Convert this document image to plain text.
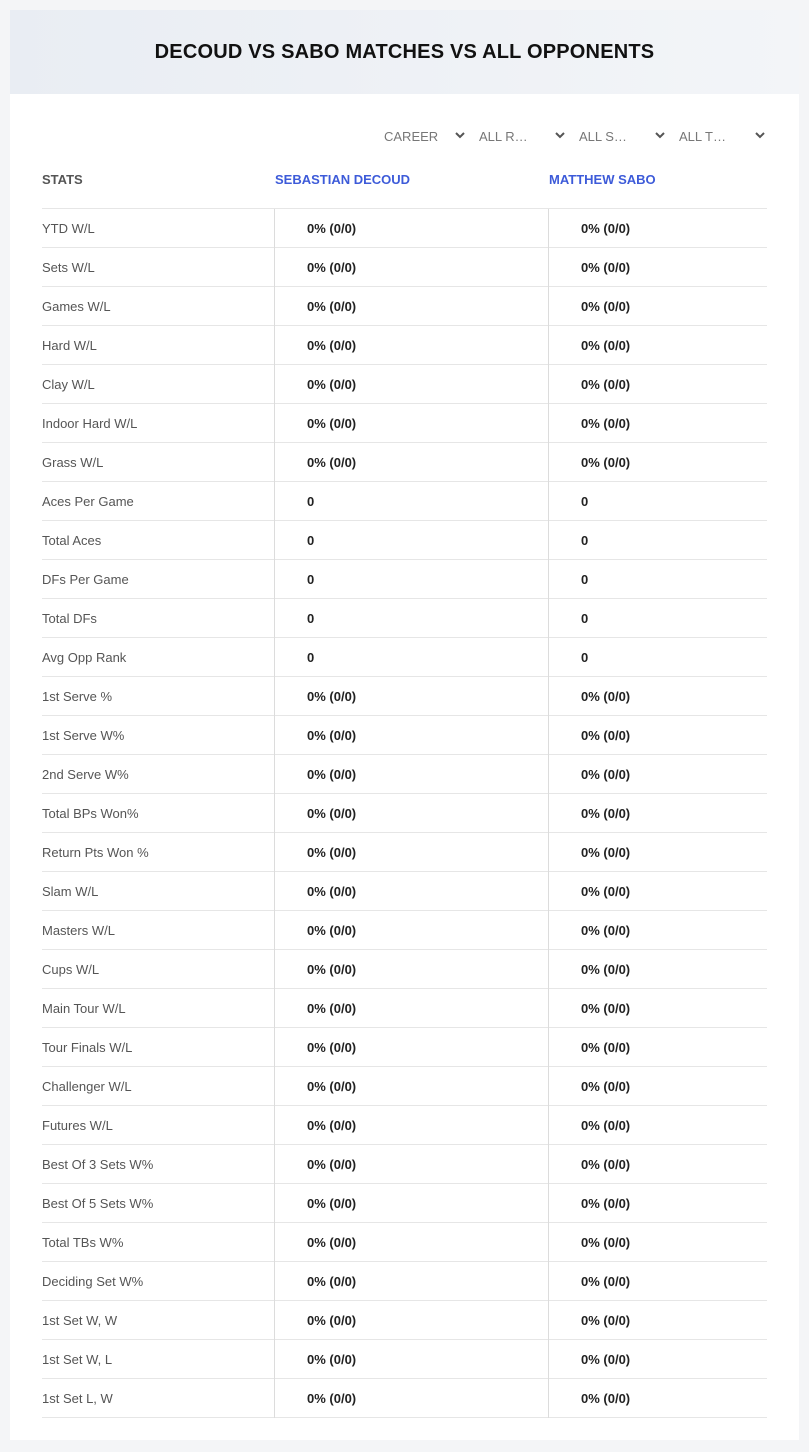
DECOUD VS SABO MATCHES VS ALL OPPONENTS
CAREER	ALL R…	ALL S…	ALL T…
STATS	SEBASTIAN DECOUD	MATTHEW SABO
YTD W/L	0% (0/0)	0% (0/0)
Sets W/L	0% (0/0)	0% (0/0)
Games W/L	0% (0/0)	0% (0/0)
Hard W/L	0% (0/0)	0% (0/0)
Clay W/L	0% (0/0)	0% (0/0)
Indoor Hard W/L	0% (0/0)	0% (0/0)
Grass W/L	0% (0/0)	0% (0/0)
Aces Per Game	0	0
Total Aces	0	0
DFs Per Game	0	0
Total DFs	0	0
Avg Opp Rank	0	0
1st Serve %	0% (0/0)	0% (0/0)
1st Serve W%	0% (0/0)	0% (0/0)
2nd Serve W%	0% (0/0)	0% (0/0)
Total BPs Won%	0% (0/0)	0% (0/0)
Return Pts Won %	0% (0/0)	0% (0/0)
Slam W/L	0% (0/0)	0% (0/0)
Masters W/L	0% (0/0)	0% (0/0)
Cups W/L	0% (0/0)	0% (0/0)
Main Tour W/L	0% (0/0)	0% (0/0)
Tour Finals W/L	0% (0/0)	0% (0/0)
Challenger W/L	0% (0/0)	0% (0/0)
Futures W/L	0% (0/0)	0% (0/0)
Best Of 3 Sets W%	0% (0/0)	0% (0/0)
Best Of 5 Sets W%	0% (0/0)	0% (0/0)
Total TBs W%	0% (0/0)	0% (0/0)
Deciding Set W%	0% (0/0)	0% (0/0)
1st Set W, W	0% (0/0)	0% (0/0)
1st Set W, L	0% (0/0)	0% (0/0)
1st Set L, W	0% (0/0)	0% (0/0)
